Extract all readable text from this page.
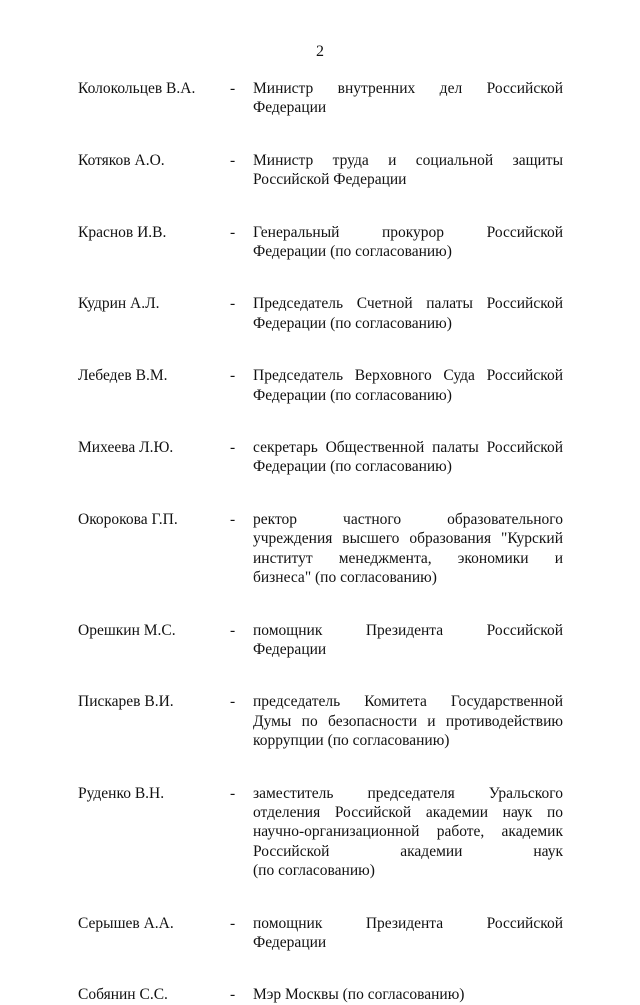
2
Колокольцев В.А. - Министр внутренних дел Российской
Федерации
Котяков А.О.	- Министр труда и социальной защиты
Российской Федерации
Краснов И.В.	- Генеральный прокурор Российской
Федерации (по согласованию)
Кудрин А.Л.	- Председатель Счетной палаты Российской
Федерации (по согласованию)
Лебедев В.М.	- Председатель Верховного Суда Российской
Федерации (по согласованию)
Михеева Л.Ю.	- секретарь Общественной палаты Российской
Федерации (по согласованию)
Окорокова Г.П.	- ректор частного образовательного
учреждения высшего образования "Курский
институт менеджмента, экономики и
бизнеса" (по согласованию)
Орешкин М.С.	- помощник Президента Российской
Федерации
Пискарев В.И.	- председатель Комитета Государственной
Думы по безопасности и противодействию
коррупции (по согласованию)
Руденко В.Н.	- заместитель председателя Уральского
отделения Российской академии наук по
научно-организационной работе, академик
Российской академии наук
(по согласованию)
Серышев А.А.	- помощник Президента Российской
Федерации
Собянин С.С.	- Мэр Москвы (по согласованию)
